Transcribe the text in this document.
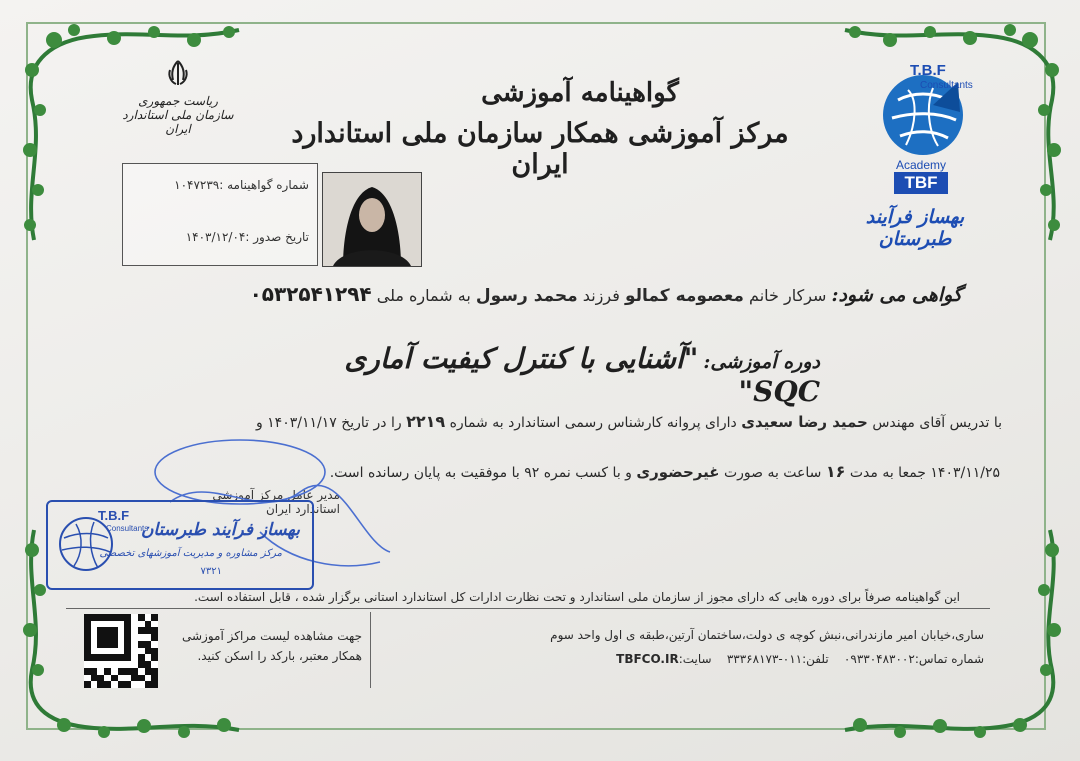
ریاست جمهوری
سازمان ملی استاندارد ایران
گواهینامه آموزشی
مرکز آموزشی همکار سازمان ملی استاندارد ایران
T.B.F
Consultants
Academy
TBF
بهساز فرآیند طبرستان
شماره گواهینامه :۱۰۴۷۲۳۹
تاریخ صدور :۱۴۰۳/۱۲/۰۴
گواهی می شود: سرکار خانم معصومه کمالو فرزند محمد رسول به شماره ملی ۰۵۳۲۵۴۱۲۹۴
دوره آموزشی: "آشنایی با کنترل کیفیت آماری SQC"
با تدریس آقای مهندس حمید رضا سعیدی دارای پروانه کارشناس رسمی استاندارد به شماره ۲۲۱۹ را در تاریخ ۱۴۰۳/۱۱/۱۷ و
۱۴۰۳/۱۱/۲۵ جمعا به مدت ۱۶ ساعت به صورت غیرحضوری و با کسب نمره ۹۲ با موفقیت به پایان رسانده است.
مدیر عامل مرکز آموزشی
استاندارد ایران
T.B.F
Consultants
بهساز فرآیند طبرستان
مرکز مشاوره و مدیریت آموزشهای تخصصی
۷۳۲۱
این گواهینامه صرفاً برای دوره هایی که دارای مجوز از سازمان ملی استاندارد و تحت نظارت ادارات کل استاندارد استانی برگزار شده ، قابل استفاده است.
جهت مشاهده لیست مراکز آموزشی
همکار معتبر، بارکد را اسکن کنید.
ساری،خیابان امیر مازندرانی،نبش کوچه ی دولت،ساختمان آرتین،طبقه ی اول واحد سوم
شماره تماس:۰۹۳۳۰۴۸۳۰۰۲    تلفن:۰۱۱-۳۳۳۶۸۱۷۳    سایت:TBFCO.IR
